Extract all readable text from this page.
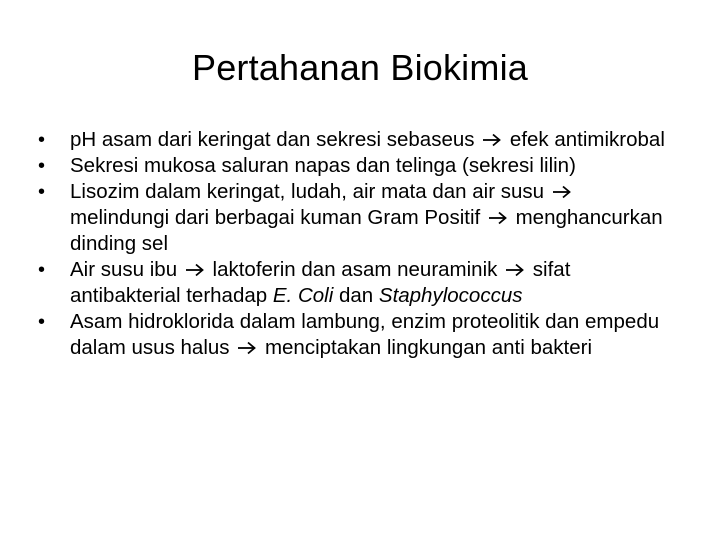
Pertahanan Biokimia
•	pH asam dari keringat dan sekresi sebaseus efek antimikrobal
•	Sekresi mukosa saluran napas dan telinga (sekresi lilin)
•	Lisozim dalam keringat, ludah, air mata dan air susu
melindungi dari berbagai kuman Gram Positif menghancurkan dinding sel
•	Air susu ibu laktoferin dan asam neuraminik sifat antibakterial terhadap E. Coli dan Staphylococcus
•	Asam hidroklorida dalam lambung, enzim proteolitik dan empedu dalam usus halus menciptakan lingkungan anti bakteri
